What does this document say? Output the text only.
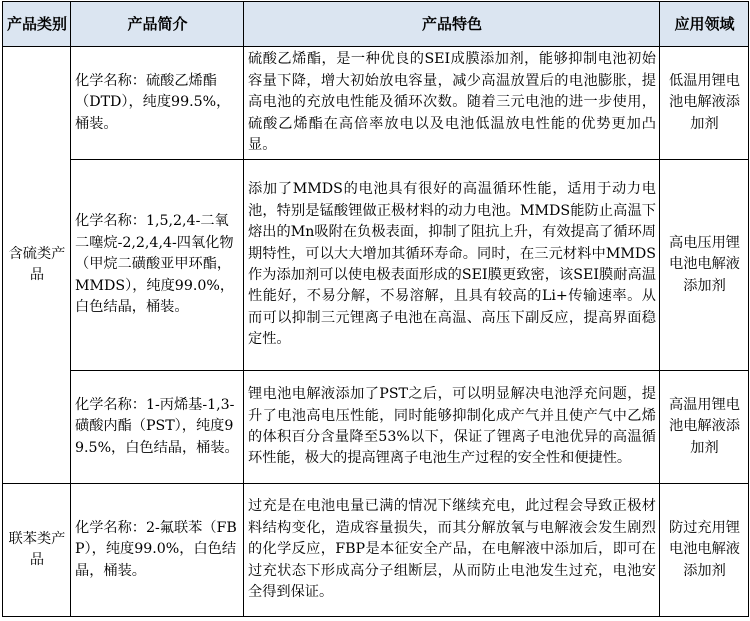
产品类别	产品简介	产品特色	应用领域
含硫类产品	化学名称：硫酸乙烯酯（DTD），纯度99.5%，桶装。	硫酸乙烯酯，是一种优良的SEI成膜添加剂，能够抑制电池初始容量下降，增大初始放电容量，减少高温放置后的电池膨胀，提高电池的充放电性能及循环次数。随着三元电池的进一步使用，硫酸乙烯酯在高倍率放电以及电池低温放电性能的优势更加凸显。	低温用锂电池电解液添加剂
	化学名称：1,5,2,4-二氧二噻烷-2,2,4,4-四氧化物（甲烷二磺酸亚甲环酯，MMDS），纯度99.0%，白色结晶，桶装。	添加了MMDS的电池具有很好的高温循环性能，适用于动力电池，特别是锰酸锂做正极材料的动力电池。MMDS能防止高温下熔出的Mn吸附在负极表面，抑制了阻抗上升，有效提高了循环周期特性，可以大大增加其循环寿命。同时，在三元材料中MMDS作为添加剂可以使电极表面形成的SEI膜更致密，该SEI膜耐高温性能好，不易分解，不易溶解，且具有较高的Li+传输速率。从而可以抑制三元锂离子电池在高温、高压下副反应，提高界面稳定性。	高电压用锂电池电解液添加剂
	化学名称：1-丙烯基-1,3-磺酸内酯（PST），纯度99.5%，白色结晶，桶装。	锂电池电解液添加了PST之后，可以明显解决电池浮充问题，提升了电池高电压性能，同时能够抑制化成产气并且使产气中乙烯的体积百分含量降至53%以下，保证了锂离子电池优异的高温循环性能，极大的提高锂离子电池生产过程的安全性和便捷性。	高温用锂电池电解液添加剂
联苯类产品	化学名称：2-氟联苯（FBP），纯度99.0%，白色结晶，桶装。	过充是在电池电量已满的情况下继续充电，此过程会导致正极材料结构变化，造成容量损失，而其分解放氧与电解液会发生剧烈的化学反应，FBP是本征安全产品，在电解液中添加后，即可在过充状态下形成高分子组断层，从而防止电池发生过充，电池安全得到保证。	防过充用锂电池电解液添加剂
